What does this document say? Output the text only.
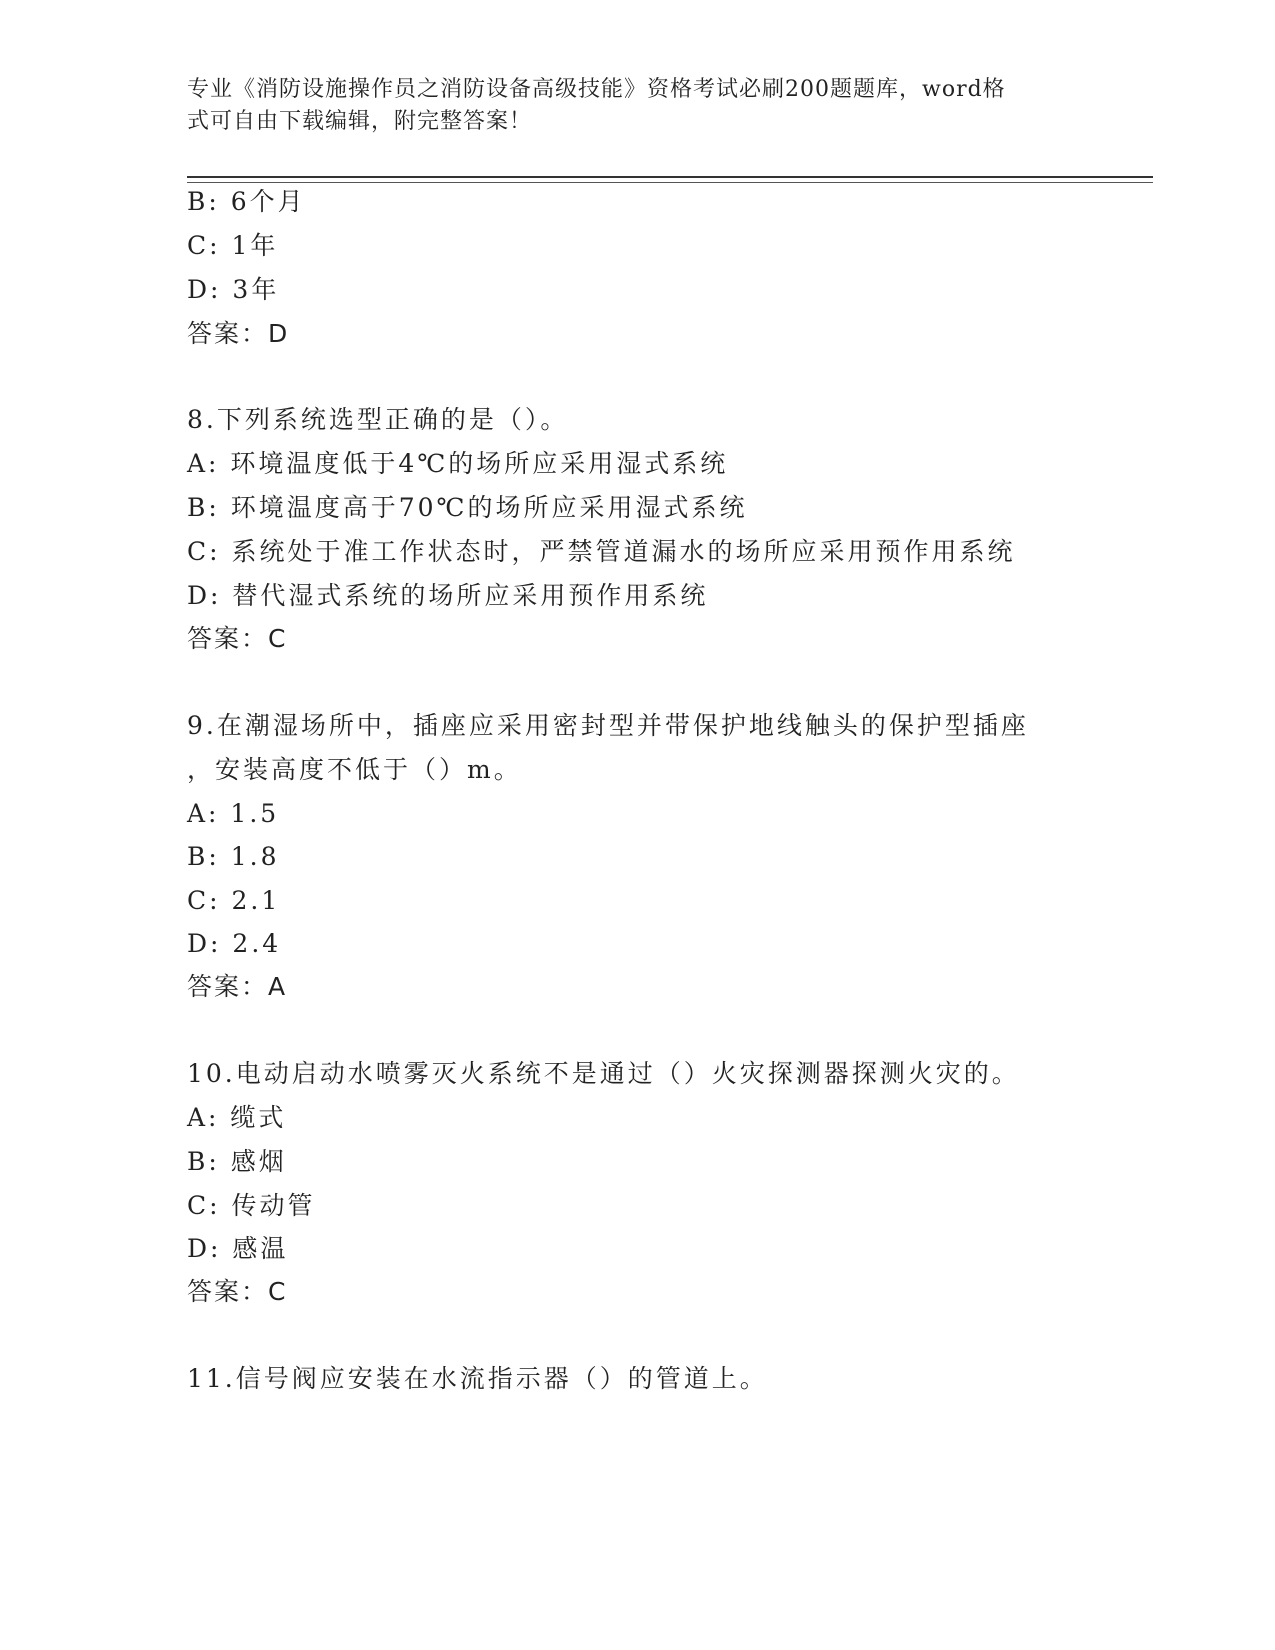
专业《消防设施操作员之消防设备高级技能》资格考试必刷200题题库，word格
式可自由下载编辑，附完整答案！
B: 6个月
C: 1年
D: 3年
答案：D
8.下列系统选型正确的是（）。
A: 环境温度低于4℃的场所应采用湿式系统
B: 环境温度高于70℃的场所应采用湿式系统
C: 系统处于准工作状态时，严禁管道漏水的场所应采用预作用系统
D: 替代湿式系统的场所应采用预作用系统
答案：C
9.在潮湿场所中，插座应采用密封型并带保护地线触头的保护型插座
，安装高度不低于（）m。
A: 1.5
B: 1.8
C: 2.1
D: 2.4
答案：A
10.电动启动水喷雾灭火系统不是通过（）火灾探测器探测火灾的。
A: 缆式
B: 感烟
C: 传动管
D: 感温
答案：C
11.信号阀应安装在水流指示器（）的管道上。
